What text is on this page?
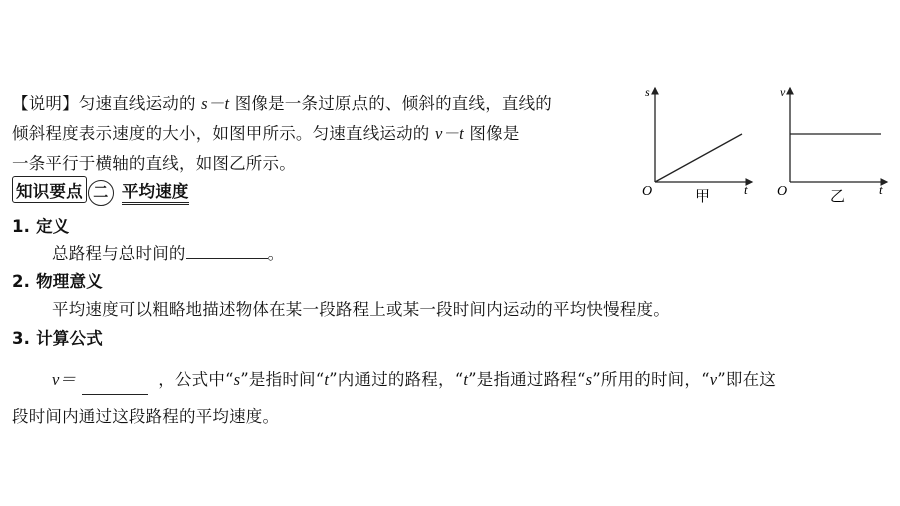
【说明】匀速直线运动的 s－t 图像是一条过原点的、倾斜的直线，直线的
倾斜程度表示速度的大小，如图甲所示。匀速直线运动的 v－t 图像是
一条平行于横轴的直线，如图乙所示。
知识要点 二 平均速度
1. 定义
总路程与总时间的	。
2. 物理意义
平均速度可以粗略地描述物体在某一段路程上或某一段时间内运动的平均快慢程度。
3. 计算公式
v＝	，公式中“s”是指时间“t”内通过的路程，“t”是指通过路程“s”所用的时间，“v”即在这
段时间内通过这段路程的平均速度。
s
t
O	甲
v
t
O	乙
